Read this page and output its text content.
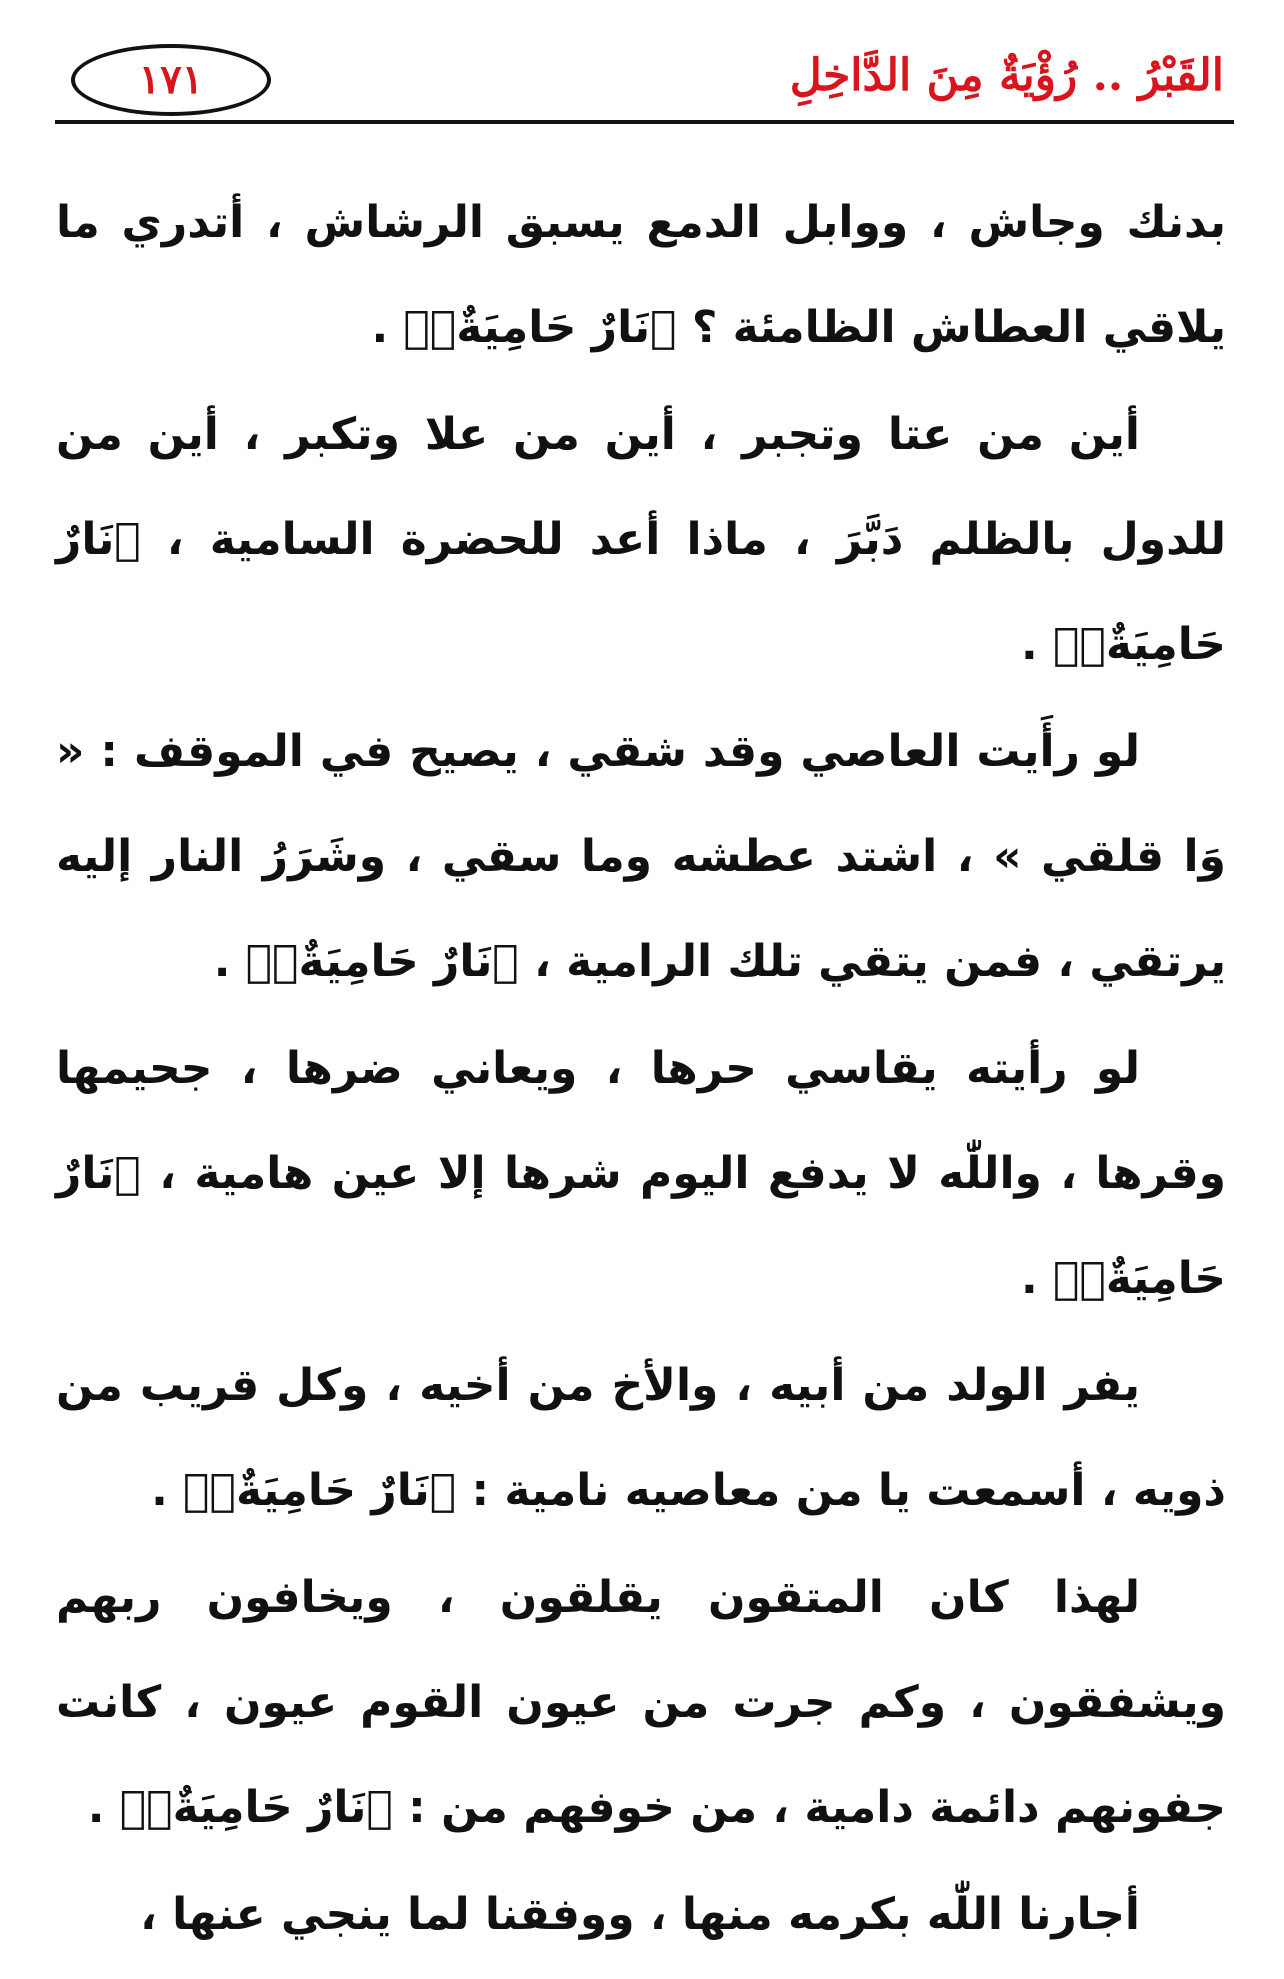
القَبْرُ .. رُؤْيَةٌ مِنَ الدَّاخِلِ
١٧١

بدنك وجاش ، ووابل الدمع يسبق الرشاش ، أتدري ما يلاقي العطاش الظامئة ؟ ﴿نَارٌ حَامِيَةٌۢ﴾ .

أين من عتا وتجبر ، أين من علا وتكبر ، أين من للدول بالظلم دَبَّرَ ، ماذا أعد للحضرة السامية ، ﴿نَارٌ حَامِيَةٌۢ﴾ .

لو رأَيت العاصي وقد شقي ، يصيح في الموقف : « وَا قلقي » ، اشتد عطشه وما سقي ، وشَرَرُ النار إليه يرتقي ، فمن يتقي تلك الرامية ، ﴿نَارٌ حَامِيَةٌۢ﴾ .

لو رأيته يقاسي حرها ، ويعاني ضرها ، جحيمها وقرها ، واللّٰه لا يدفع اليوم شرها إلا عين هامية ، ﴿نَارٌ حَامِيَةٌۢ﴾ .

يفر الولد من أبيه ، والأخ من أخيه ، وكل قريب من ذويه ، أسمعت يا من معاصيه نامية : ﴿نَارٌ حَامِيَةٌۢ﴾ .

لهذا كان المتقون يقلقون ، ويخافون ربهم ويشفقون ، وكم جرت من عيون القوم عيون ، كانت جفونهم دائمة دامية ، من خوفهم من : ﴿نَارٌ حَامِيَةٌۢ﴾ .

أجارنا اللّٰه بكرمه منها ، ووفقنا لما ينجي عنها ،
